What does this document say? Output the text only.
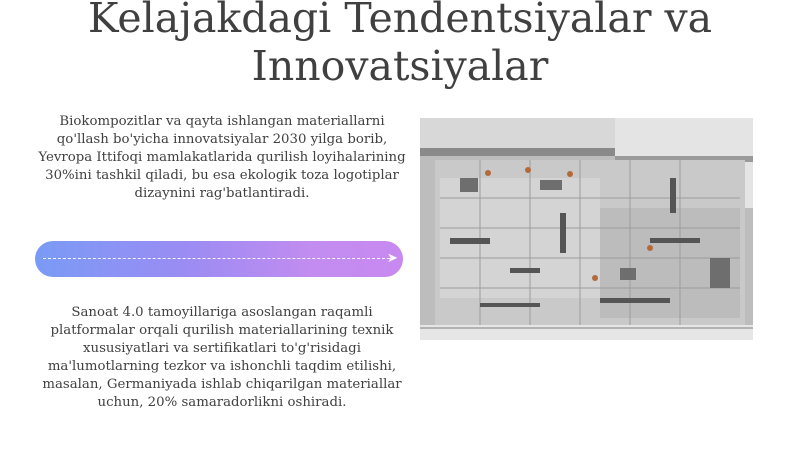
Kelajakdagi Tendentsiyalar va Innovatsiyalar

Biokompozitlar va qayta ishlangan materiallarni qo'llash bo'yicha innovatsiyalar 2030 yilga borib, Yevropa Ittifoqi mamlakatlarida qurilish loyihalarining 30%ini tashkil qiladi, bu esa ekologik toza logotiplar dizaynini rag'batlantiradi.

➤

Sanoat 4.0 tamoyillariga asoslangan raqamli platformalar orqali qurilish materiallarining texnik xususiyatlari va sertifikatlari to'g'risidagi ma'lumotlarning tezkor va ishonchli taqdim etilishi, masalan, Germaniyada ishlab chiqarilgan materiallar uchun, 20% samaradorlikni oshiradi.
